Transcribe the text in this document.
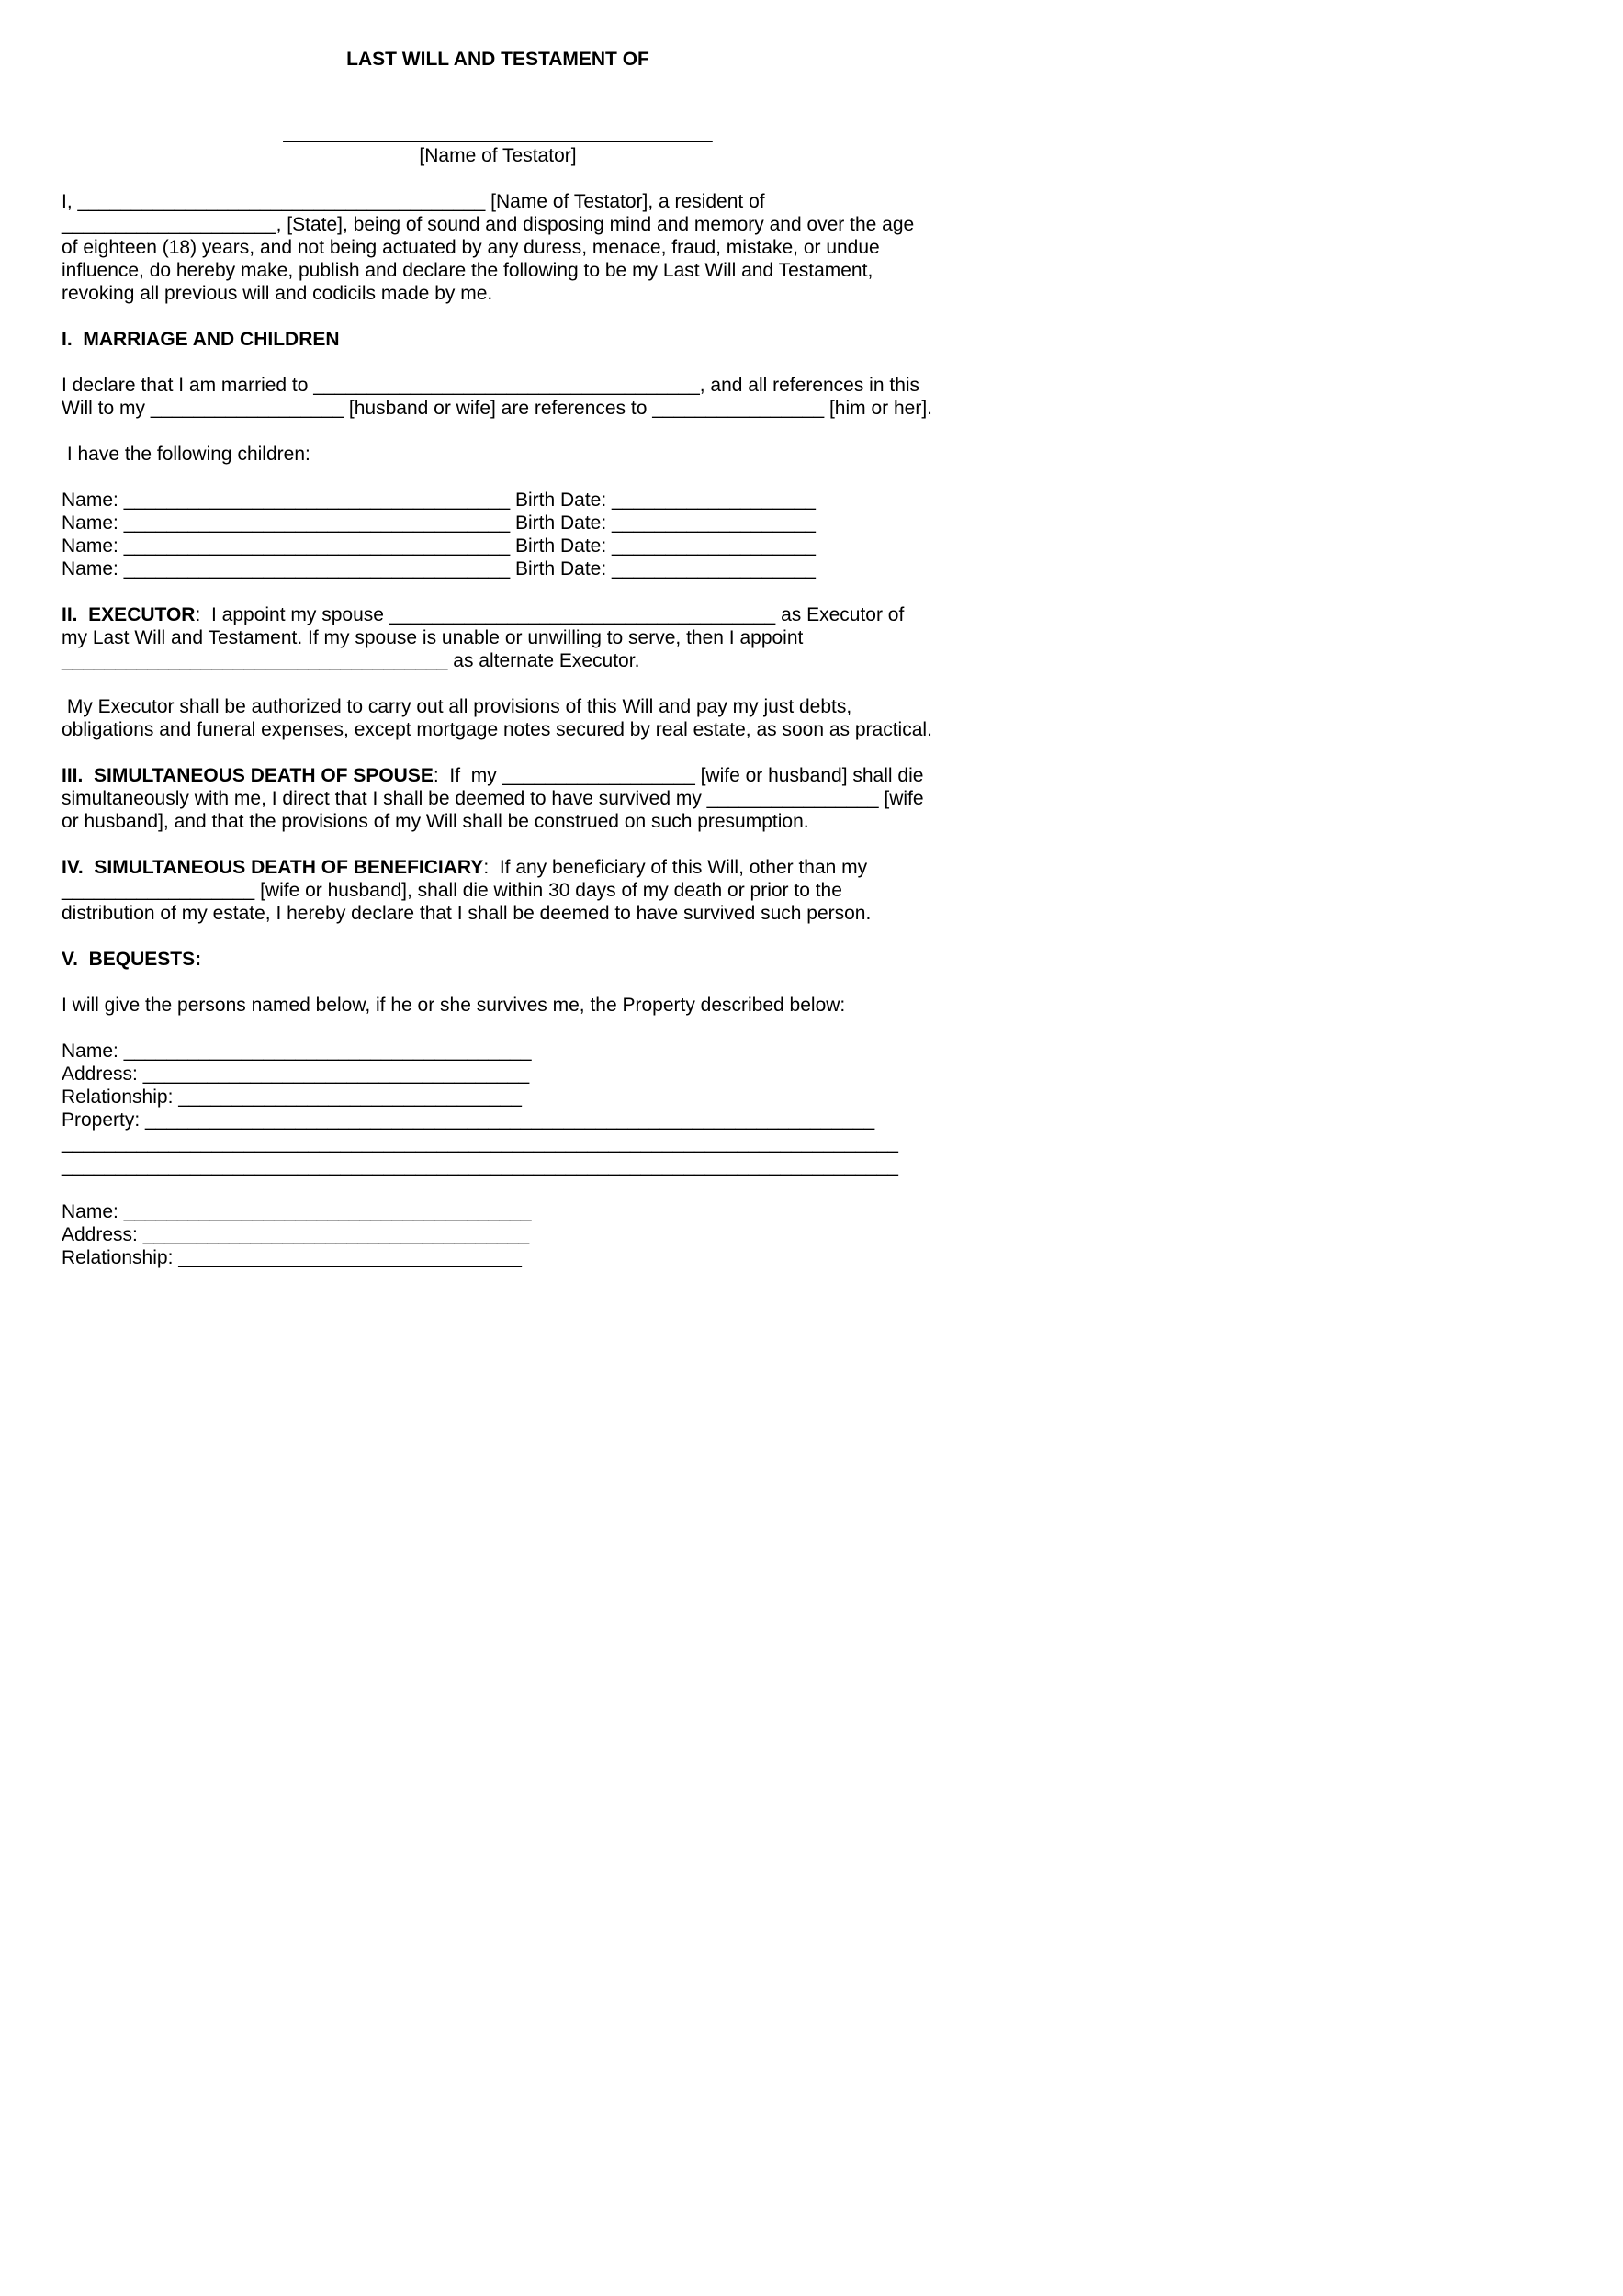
LAST WILL AND TESTAMENT OF
________________________________________
[Name of Testator]

I, ______________________________________ [Name of Testator], a resident of ____________________, [State], being of sound and disposing mind and memory and over the age of eighteen (18) years, and not being actuated by any duress, menace, fraud, mistake, or undue influence, do hereby make, publish and declare the following to be my Last Will and Testament, revoking all previous will and codicils made by me.

I.  MARRIAGE AND CHILDREN

I declare that I am married to ____________________________________, and all references in this Will to my __________________ [husband or wife] are references to ________________ [him or her].

I have the following children:

Name: ____________________________________ Birth Date: ___________________
Name: ____________________________________ Birth Date: ___________________
Name: ____________________________________ Birth Date: ___________________
Name: ____________________________________ Birth Date: ___________________

II.  EXECUTOR:  I appoint my spouse ____________________________________ as Executor of my Last Will and Testament. If my spouse is unable or unwilling to serve, then I appoint ____________________________________ as alternate Executor.

My Executor shall be authorized to carry out all provisions of this Will and pay my just debts, obligations and funeral expenses, except mortgage notes secured by real estate, as soon as practical.

III.  SIMULTANEOUS DEATH OF SPOUSE:  If  my __________________ [wife or husband] shall die simultaneously with me, I direct that I shall be deemed to have survived my ________________ [wife or husband], and that the provisions of my Will shall be construed on such presumption.

IV.  SIMULTANEOUS DEATH OF BENEFICIARY:  If any beneficiary of this Will, other than my __________________ [wife or husband], shall die within 30 days of my death or prior to the distribution of my estate, I hereby declare that I shall be deemed to have survived such person.

V.  BEQUESTS:

I will give the persons named below, if he or she survives me, the Property described below:

Name: ______________________________________
Address: ____________________________________
Relationship: ________________________________
Property: ____________________________________________________________________
______________________________________________________________________________
______________________________________________________________________________
Name: ______________________________________
Address: ____________________________________
Relationship: ________________________________
